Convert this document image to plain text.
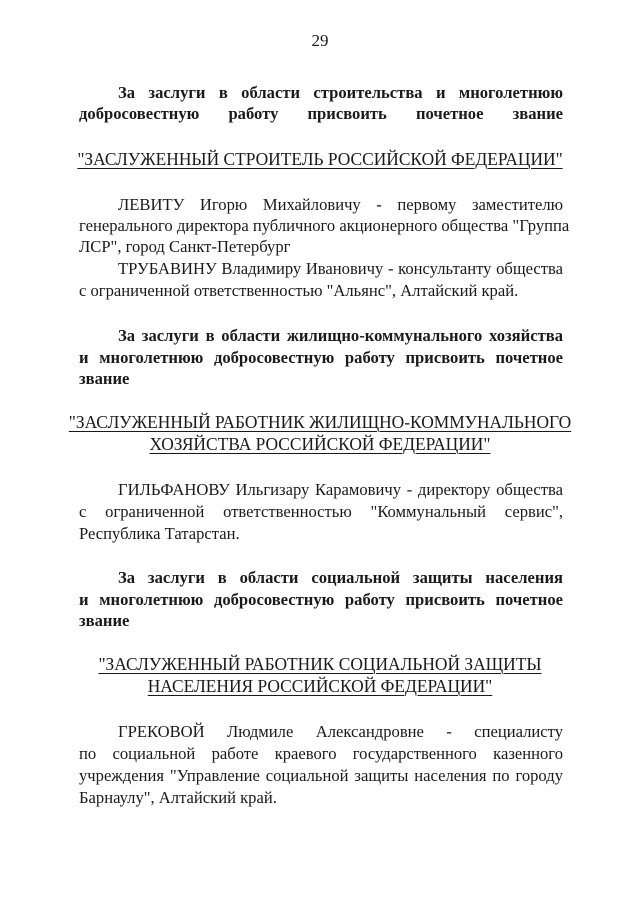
29
За заслуги в области строительства и многолетнюю
добросовестную работу присвоить почетное звание
"ЗАСЛУЖЕННЫЙ СТРОИТЕЛЬ РОССИЙСКОЙ ФЕДЕРАЦИИ"
ЛЕВИТУ Игорю Михайловичу - первому заместителю
генерального директора публичного акционерного общества "Группа
ЛСР", город Санкт-Петербург
ТРУБАВИНУ Владимиру Ивановичу - консультанту общества
с ограниченной ответственностью "Альянс", Алтайский край.
За заслуги в области жилищно-коммунального хозяйства
и многолетнюю добросовестную работу присвоить почетное
звание
"ЗАСЛУЖЕННЫЙ РАБОТНИК ЖИЛИЩНО-КОММУНАЛЬНОГО
ХОЗЯЙСТВА РОССИЙСКОЙ ФЕДЕРАЦИИ"
ГИЛЬФАНОВУ Ильгизару Карамовичу - директору общества
с ограниченной ответственностью "Коммунальный сервис",
Республика Татарстан.
За заслуги в области социальной защиты населения
и многолетнюю добросовестную работу присвоить почетное
звание
"ЗАСЛУЖЕННЫЙ РАБОТНИК СОЦИАЛЬНОЙ ЗАЩИТЫ
НАСЕЛЕНИЯ РОССИЙСКОЙ ФЕДЕРАЦИИ"
ГРЕКОВОЙ Людмиле Александровне - специалисту
по социальной работе краевого государственного казенного
учреждения "Управление социальной защиты населения по городу
Барнаулу", Алтайский край.
